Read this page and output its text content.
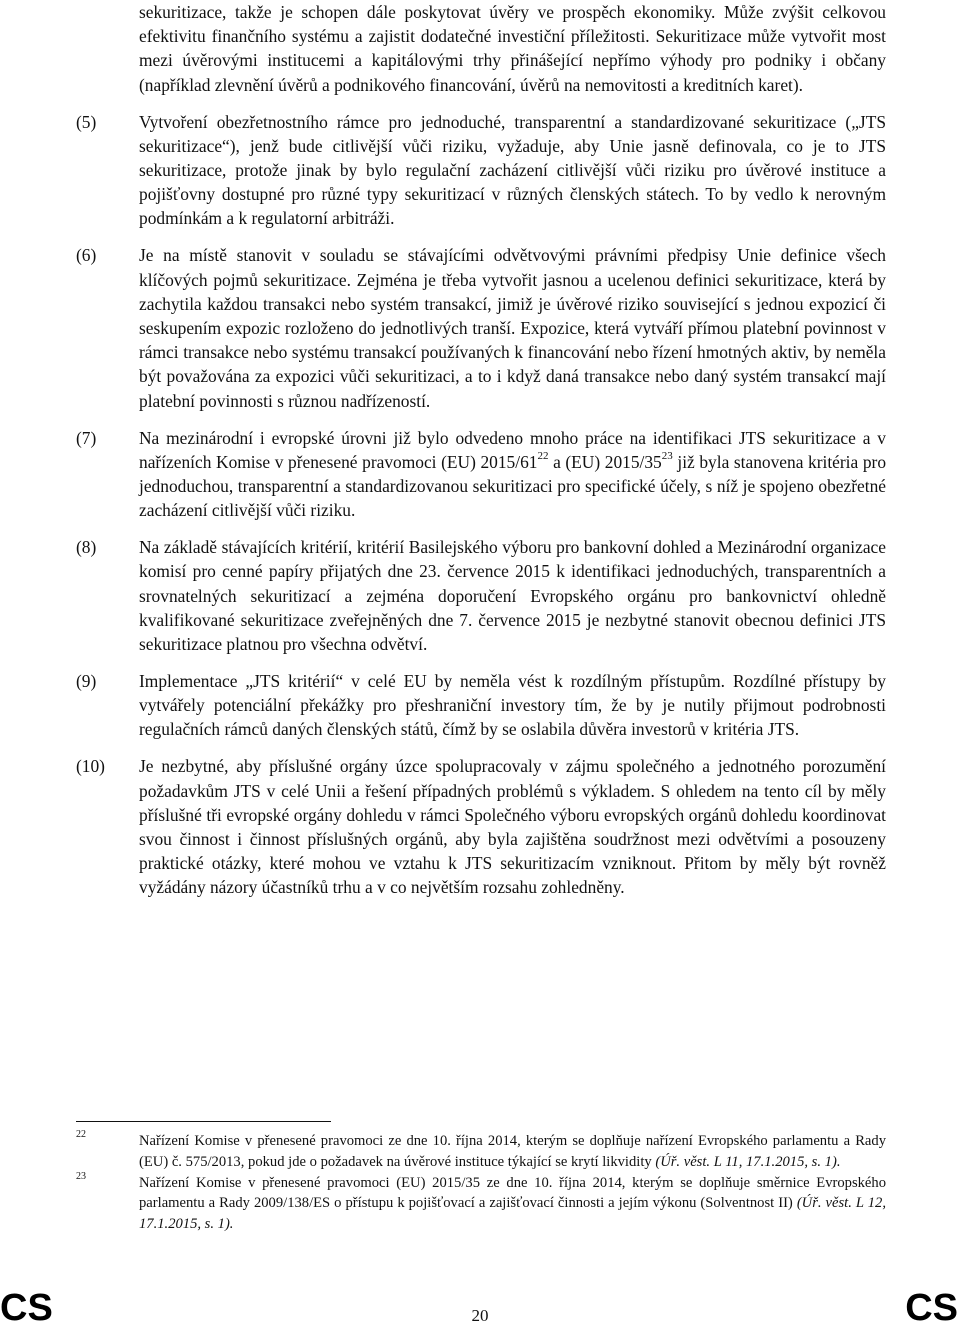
sekuritizace, takže je schopen dále poskytovat úvěry ve prospěch ekonomiky. Může zvýšit celkovou efektivitu finančního systému a zajistit dodatečné investiční příležitosti. Sekuritizace může vytvořit most mezi úvěrovými institucemi a kapitálovými trhy přinášející nepřímo výhody pro podniky i občany (například zlevnění úvěrů a podnikového financování, úvěrů na nemovitosti a kreditních karet).

(5)	Vytvoření obezřetnostního rámce pro jednoduché, transparentní a standardizované sekuritizace („JTS sekuritizace“), jenž bude citlivější vůči riziku, vyžaduje, aby Unie jasně definovala, co je to JTS sekuritizace, protože jinak by bylo regulační zacházení citlivější vůči riziku pro úvěrové instituce a pojišťovny dostupné pro různé typy sekuritizací v různých členských státech. To by vedlo k nerovným podmínkám a k regulatorní arbitráži.

(6)	Je na místě stanovit v souladu se stávajícími odvětvovými právními předpisy Unie definice všech klíčových pojmů sekuritizace. Zejména je třeba vytvořit jasnou a ucelenou definici sekuritizace, která by zachytila každou transakci nebo systém transakcí, jimiž je úvěrové riziko související s jednou expozicí či seskupením expozic rozloženo do jednotlivých tranší. Expozice, která vytváří přímou platební povinnost v rámci transakce nebo systému transakcí používaných k financování nebo řízení hmotných aktiv, by neměla být považována za expozici vůči sekuritizaci, a to i když daná transakce nebo daný systém transakcí mají platební povinnosti s různou nadřízeností.

(7)	Na mezinárodní i evropské úrovni již bylo odvedeno mnoho práce na identifikaci JTS sekuritizace a v nařízeních Komise v přenesené pravomoci (EU) $2015/61^{22}$ a (EU) $2015/35^{23}$ již byla stanovena kritéria pro jednoduchou, transparentní a standardizovanou sekuritizaci pro specifické účely, s níž je spojeno obezřetné zacházení citlivější vůči riziku.

(8)	Na základě stávajících kritérií, kritérií Basilejského výboru pro bankovní dohled a Mezinárodní organizace komisí pro cenné papíry přijatých dne 23. července 2015 k identifikaci jednoduchých, transparentních a srovnatelných sekuritizací a zejména doporučení Evropského orgánu pro bankovnictví ohledně kvalifikované sekuritizace zveřejněných dne 7. července 2015 je nezbytné stanovit obecnou definici JTS sekuritizace platnou pro všechna odvětví.

(9)	Implementace „JTS kritérií“ v celé EU by neměla vést k rozdílným přístupům. Rozdílné přístupy by vytvářely potenciální překážky pro přeshraniční investory tím, že by je nutily přijmout podrobnosti regulačních rámců daných členských států, čímž by se oslabila důvěra investorů v kritéria JTS.

(10)	Je nezbytné, aby příslušné orgány úzce spolupracovaly v zájmu společného a jednotného porozumění požadavkům JTS v celé Unii a řešení případných problémů s výkladem. S ohledem na tento cíl by měly příslušné tři evropské orgány dohledu v rámci Společného výboru evropských orgánů dohledu koordinovat svou činnost i činnost příslušných orgánů, aby byla zajištěna soudržnost mezi odvětvími a posouzeny praktické otázky, které mohou ve vztahu k JTS sekuritizacím vzniknout. Přitom by měly být rovněž vyžádány názory účastníků trhu a v co největším rozsahu zohledněny.

22	Nařízení Komise v přenesené pravomoci ze dne 10. října 2014, kterým se doplňuje nařízení Evropského parlamentu a Rady (EU) č. 575/2013, pokud jde o požadavek na úvěrové instituce týkající se krytí likvidity (Úř. věst. L 11, 17.1.2015, s. 1).
23	Nařízení Komise v přenesené pravomoci (EU) 2015/35 ze dne 10. října 2014, kterým se doplňuje směrnice Evropského parlamentu a Rady 2009/138/ES o přístupu k pojišťovací a zajišťovací činnosti a jejím výkonu (Solventnost II) (Úř. věst. L 12, 17.1.2015, s. 1).
CS	20	CS
